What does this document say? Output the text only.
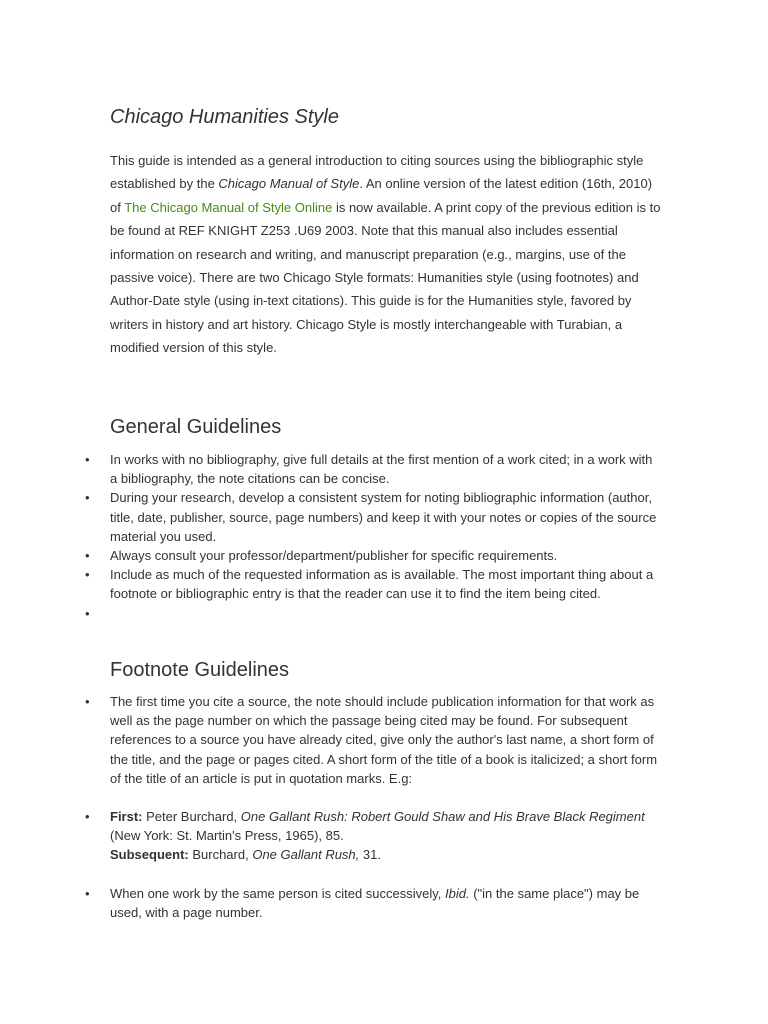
Chicago Humanities Style

This guide is intended as a general introduction to citing sources using the bibliographic style established by the Chicago Manual of Style. An online version of the latest edition (16th, 2010) of The Chicago Manual of Style Online is now available. A print copy of the previous edition is to be found at REF KNIGHT Z253 .U69 2003. Note that this manual also includes essential information on research and writing, and manuscript preparation (e.g., margins, use of the passive voice). There are two Chicago Style formats: Humanities style (using footnotes) and Author-Date style (using in-text citations). This guide is for the Humanities style, favored by writers in history and art history. Chicago Style is mostly interchangeable with Turabian, a modified version of this style.

General Guidelines
• In works with no bibliography, give full details at the first mention of a work cited; in a work with a bibliography, the note citations can be concise.
• During your research, develop a consistent system for noting bibliographic information (author, title, date, publisher, source, page numbers) and keep it with your notes or copies of the source material you used.
• Always consult your professor/department/publisher for specific requirements.
• Include as much of the requested information as is available. The most important thing about a footnote or bibliographic entry is that the reader can use it to find the item being cited.
•
Footnote Guidelines
• The first time you cite a source, the note should include publication information for that work as well as the page number on which the passage being cited may be found. For subsequent references to a source you have already cited, give only the author's last name, a short form of the title, and the page or pages cited. A short form of the title of a book is italicized; a short form of the title of an article is put in quotation marks. E.g:
• First: Peter Burchard, One Gallant Rush: Robert Gould Shaw and His Brave Black Regiment (New York: St. Martin's Press, 1965), 85.
Subsequent: Burchard, One Gallant Rush, 31.
• When one work by the same person is cited successively, Ibid. ("in the same place") may be used, with a page number.
